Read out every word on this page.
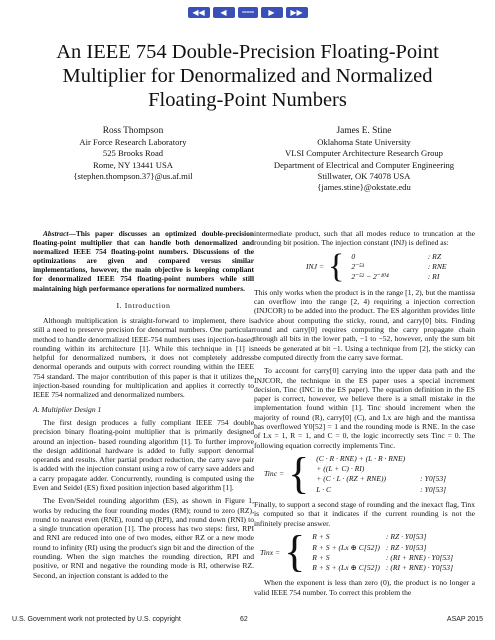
◀◀	◀	===	▶	▶▶
An IEEE 754 Double-Precision Floating-Point Multiplier for Denormalized and Normalized Floating-Point Numbers
Ross Thompson
Air Force Research Laboratory
525 Brooks Road
Rome, NY 13441 USA
{stephen.thompson.37}@us.af.mil
James E. Stine
Oklahoma State University
VLSI Computer Architecture Research Group
Department of Electrical and Computer Engineering
Stillwater, OK 74078 USA
{james.stine}@okstate.edu

Abstract—This paper discusses an optimized double-precision floating-point multiplier that can handle both denormalized and normalized IEEE 754 floating-point numbers. Discussions of the optimizations are given and compared versus similar implementations, however, the main objective is keeping compliant for denormalized IEEE 754 floating-point numbers while still maintaining high performance operations for normalized numbers.

I. Introduction

Although multiplication is straight-forward to implement, there is still a need to preserve precision for denormal numbers. One particular method to handle denormalized IEEE-754 numbers uses injection-based rounding within its architecture [1]. While this technique in [1] is helpful for denormalized numbers, it does not completely address denormal operands and outputs with correct rounding within the IEEE 754 standard. The major contribution of this paper is that it utilizes the injection-based rounding for multiplication and applies it correctly to IEEE 754 normalized and denormalized numbers.

A. Multiplier Design 1

The first design produces a fully compliant IEEE 754 double precision binary floating-point multiplier that is primarily designed around an injection- based rounding algorithm [1]. To further improve the design additional hardware is added to fully support denormal operands and results. After partial product reduction, the carry save pair is added with the injection constant using a row of carry save adders and a carry propagate adder. Concurrently, rounding is computed using the Even and Seidel (ES) fixed position injection based algorithm [1].

The Even/Seidel rounding algorithm (ES), as shown in Figure 1, works by reducing the four rounding modes (RM); round to zero (RZ), round to nearest even (RNE), round up (RPI), and round down (RNI) to a single truncation operation [1]. The process has two steps: first, RPI and RNI are reduced into one of two modes, either RZ or a new mode round to infinity (RI) using the product's sign bit and the direction of the rounding. When the sign matches the rounding direction, RPI and positive, or RNI and negative the rounding mode is RI, otherwise RZ. Second, an injection constant is added to the

intermediate product, such that all modes reduce to truncation at the rounding bit position. The injection constant (INJ) is defined as:

INJ =	{	0	: RZ
2⁻⁵³	: RNE
2⁻⁵² − 2⁻¹⁰⁴	: RI

This only works when the product is in the range [1, 2), but the mantissa can overflow into the range [2, 4) requiring a injection correction (INJCOR) to be added into the product. The ES algorithm provides little advice about computing the sticky, round, and carry[0] bits. Finding round and carry[0] requires computing the carry propagate chain through all bits in the lower path, −1 to −52, however, only the sum bit needs be generated at bit −1. Using a technique from [2], the sticky can be computed directly from the carry save format.

To account for carry[0] carrying into the upper data path and the INJCOR, the technique in the ES paper uses a special increment decision, Tinc (INC in the ES paper). The equation definition in the ES paper is correct, however, we believe there is a small mistake in the implementation found within [1]. Tinc should increment when the majority of round (R), carry[0] (C), and Lx are high and the mantissa has overflowed Y0[52] = 1 and the rounding mode is RNE. In the case of Lx = 1, R = 1, and C = 0, the logic incorrectly sets Tinc = 0. The following equation correctly implements Tinc.

Tinc =	{	(C · R · RNE) + (L · R · RNE)	
+ ((L + C) · RI)	
+ (C · L · (RZ + RNE))	: Y0[53]
L · C	: Y0[53]

Finally, to support a second stage of rounding and the inexact flag, Tinx is computed so that it indicates if the current rounding is not the infinitely precise answer.

Tinx =	{	R + S	: RZ · Y0[53]
R + S + (Lx ⊕ C[52])	: RZ · Y0[53]
R + S	: (RI + RNE) · Y0[53]
R + S + (Lx ⊕ C[52])	: (RI + RNE) · Y0[53]

When the exponent is less than zero (0), the product is no longer a valid IEEE 754 number. To correct this problem the

U.S. Government work not protected by U.S. copyright	62	ASAP 2015
